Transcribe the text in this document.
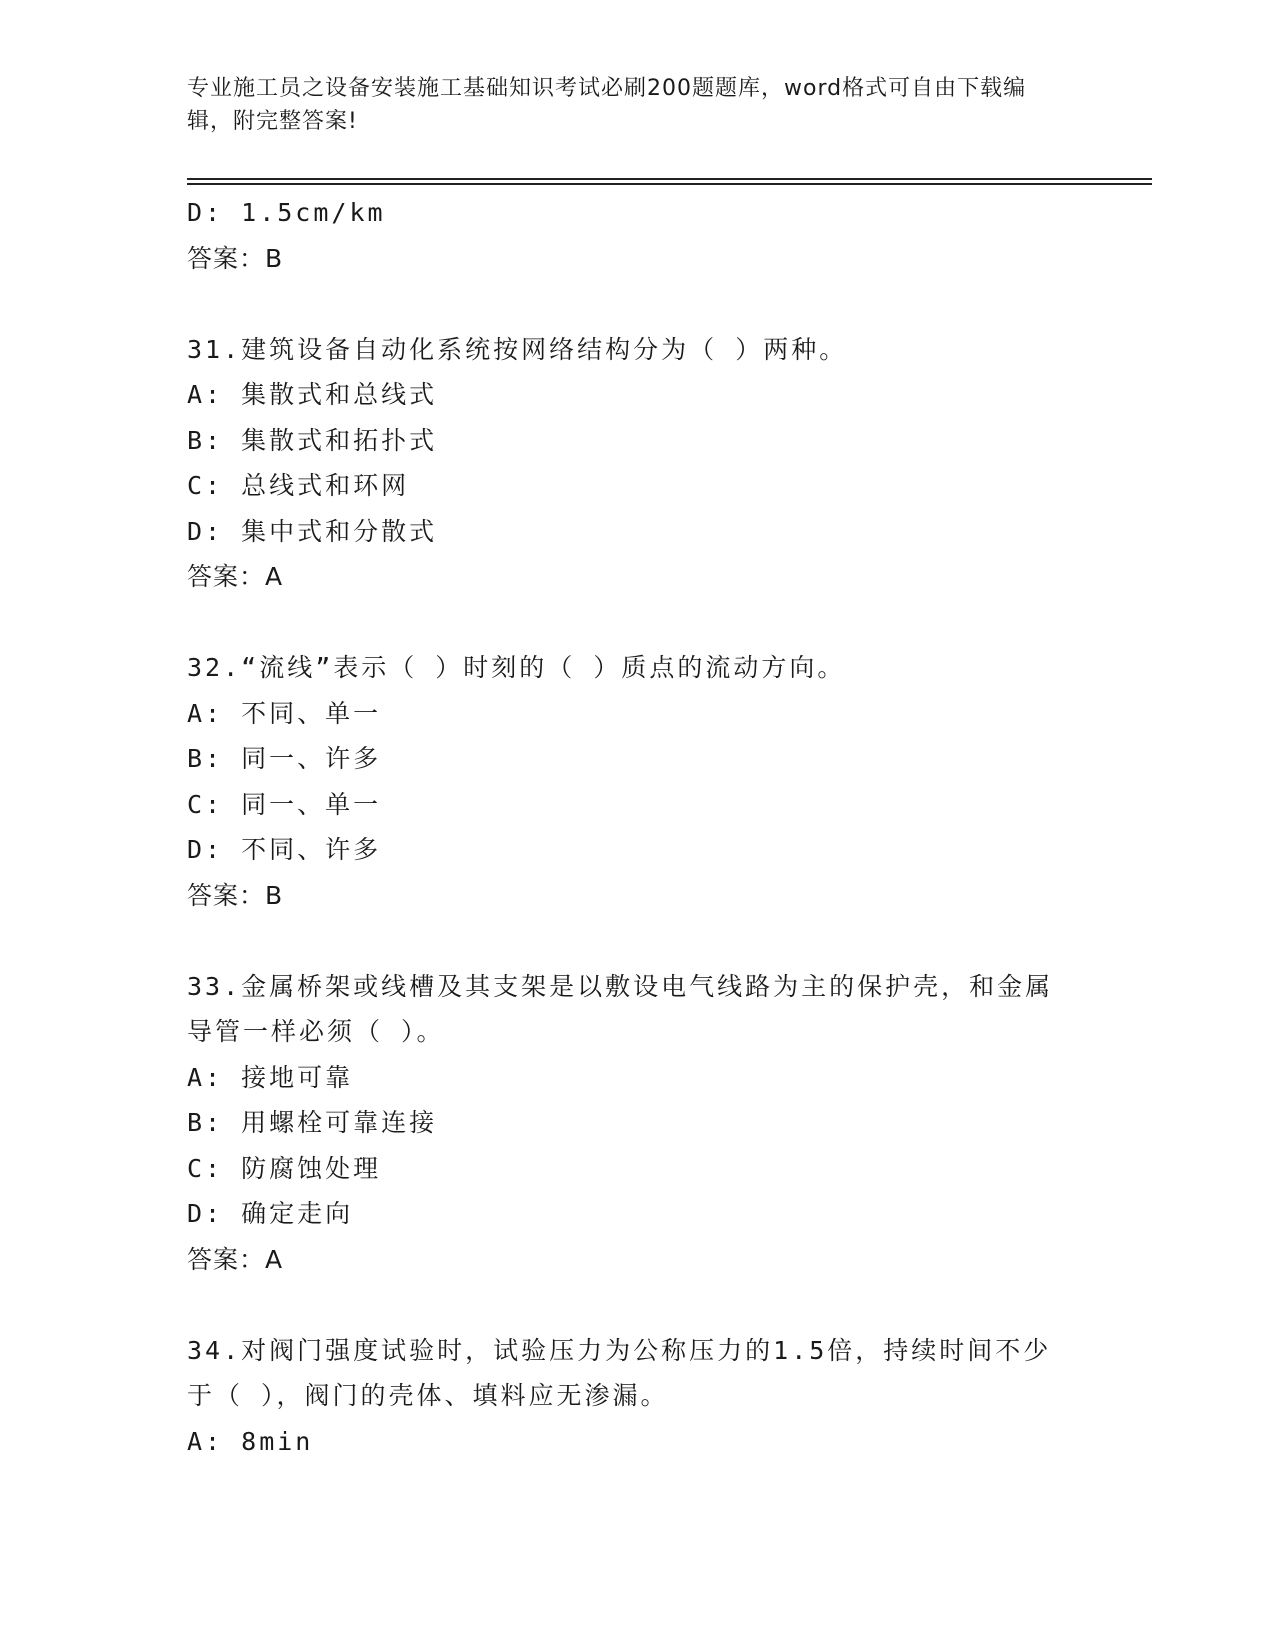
专业施工员之设备安装施工基础知识考试必刷200题题库，word格式可自由下载编辑，附完整答案!
D: 1.5cm/km
答案：B
31.建筑设备自动化系统按网络结构分为（ ）两种。
A: 集散式和总线式
B: 集散式和拓扑式
C: 总线式和环网
D: 集中式和分散式
答案：A
32.“流线”表示（ ）时刻的（ ）质点的流动方向。
A: 不同、单一
B: 同一、许多
C: 同一、单一
D: 不同、许多
答案：B
33.金属桥架或线槽及其支架是以敷设电气线路为主的保护壳，和金属导管一样必须（ ）。
A: 接地可靠
B: 用螺栓可靠连接
C: 防腐蚀处理
D: 确定走向
答案：A
34.对阀门强度试验时，试验压力为公称压力的1.5倍，持续时间不少于（ ），阀门的壳体、填料应无渗漏。
A: 8min
